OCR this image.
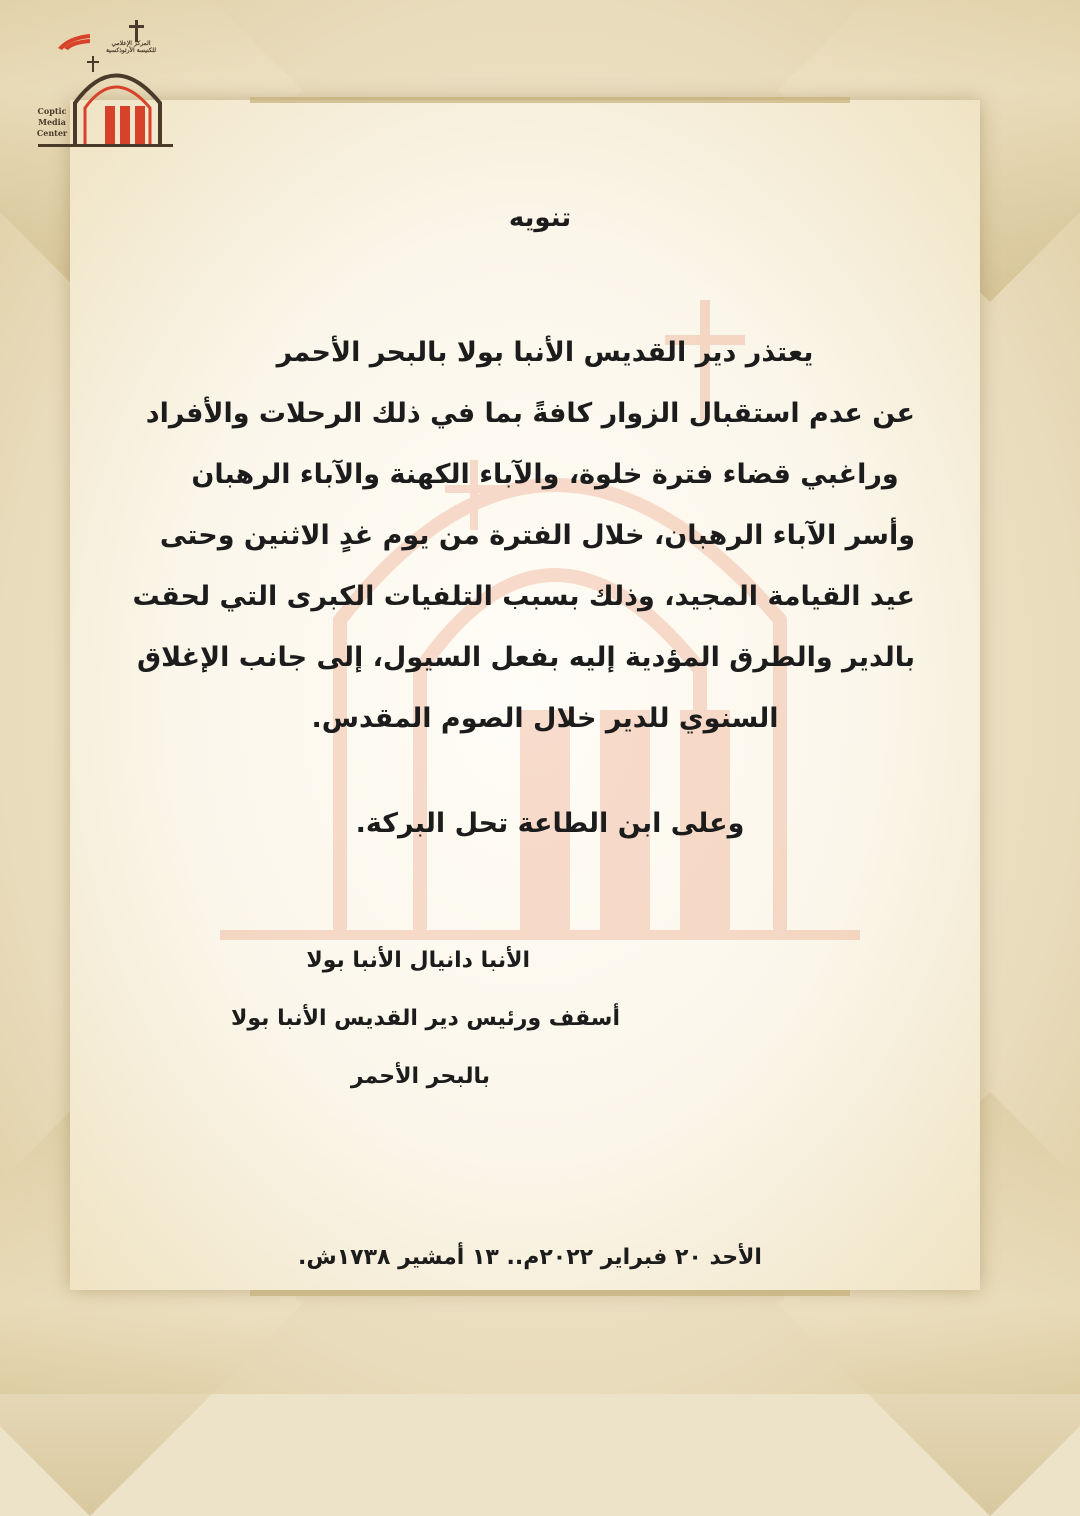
المركز الإعلامي
للكنيسة الأرثوذكسية
Coptic
Media
Center
تنويه
يعتذر دير القديس الأنبا بولا بالبحر الأحمر
عن عدم استقبال الزوار كافةً بما في ذلك الرحلات والأفراد
وراغبي قضاء فترة خلوة، والآباء الكهنة والآباء الرهبان
وأسر الآباء الرهبان، خلال الفترة من يوم غدٍ الاثنين وحتى
عيد القيامة المجيد، وذلك بسبب التلفيات الكبرى التي لحقت
بالدير والطرق المؤدية إليه بفعل السيول، إلى جانب الإغلاق
السنوي للدير خلال الصوم المقدس.
وعلى ابن الطاعة تحل البركة.
الأنبا دانيال الأنبا بولا
أسقف ورئيس دير القديس الأنبا بولا
بالبحر الأحمر
الأحد ٢٠ فبراير ٢٠٢٢م.. ١٣ أمشير ١٧٣٨ش.
